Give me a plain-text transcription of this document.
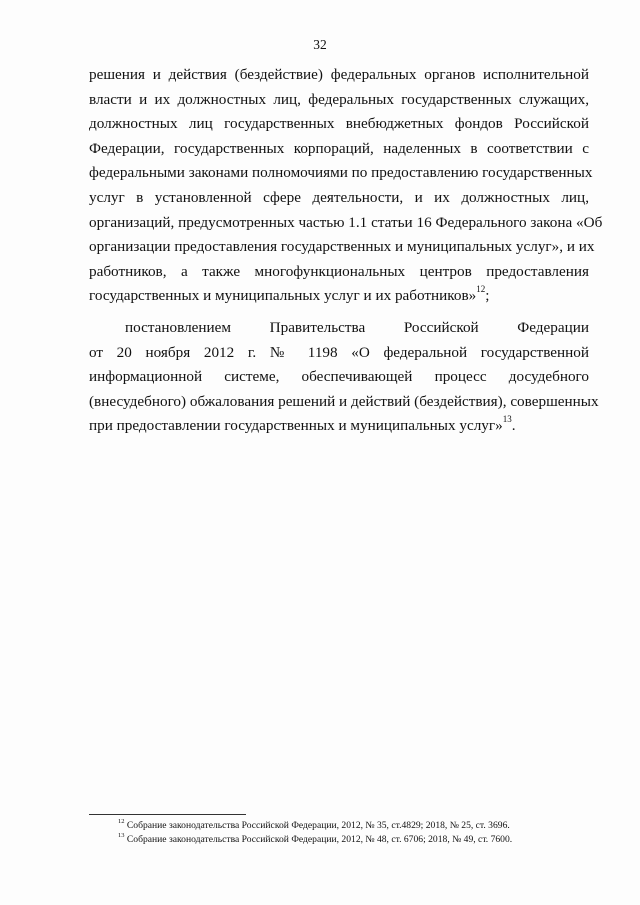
32
решения и действия (бездействие) федеральных органов исполнительной
власти и их должностных лиц, федеральных государственных служащих,
должностных лиц государственных внебюджетных фондов Российской
Федерации, государственных корпораций, наделенных в соответствии с
федеральными законами полномочиями по предоставлению государственных
услуг в установленной сфере деятельности, и их должностных лиц,
организаций, предусмотренных частью 1.1 статьи 16 Федерального закона «Об
организации предоставления государственных и муниципальных услуг», и их
работников, а также многофункциональных центров предоставления
государственных и муниципальных услуг и их работников»$^{12}$;
постановлением Правительства Российской Федерации
от 20 ноября 2012 г. № 1198 «О федеральной государственной
информационной системе, обеспечивающей процесс досудебного
(внесудебного) обжалования решений и действий (бездействия), совершенных
при предоставлении государственных и муниципальных услуг»$^{13}$.
$^{12}$ Собрание законодательства Российской Федерации, 2012, № 35, ст.4829; 2018, № 25, ст. 3696.
$^{13}$ Собрание законодательства Российской Федерации, 2012, № 48, ст. 6706; 2018, № 49, ст. 7600.
